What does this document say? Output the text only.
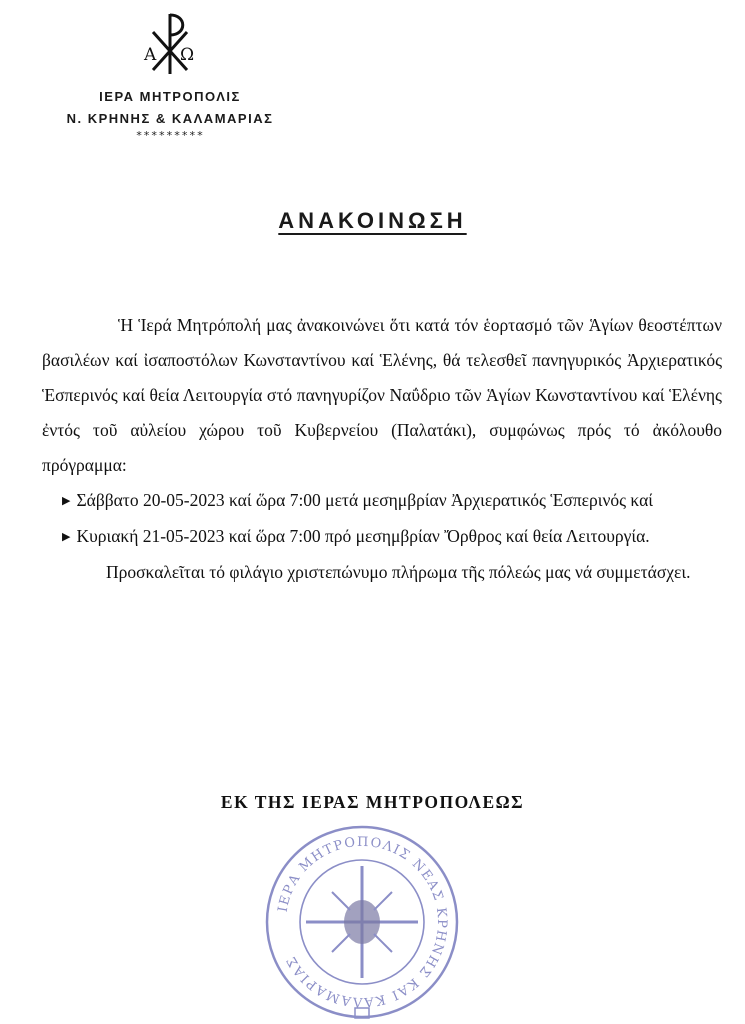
Α Ω
ΙΕΡΑ ΜΗΤΡΟΠΟΛΙΣ
Ν. ΚΡΗΝΗΣ & ΚΑΛΑΜΑΡΙΑΣ
*********
ΑΝΑΚΟΙΝΩΣΗ

Ἡ Ἱερά Μητρόπολή μας ἀνακοινώνει ὅτι κατά τόν ἑορτασμό τῶν Ἁγίων θεοστέπτων βασιλέων καί ἰσαποστόλων Κωνσταντίνου καί Ἑλένης, θά τελεσθεῖ πανηγυρικός Ἀρχιερατικός Ἑσπερινός καί θεία Λειτουργία στό πανηγυρίζον Ναΰδριο τῶν Ἁγίων Κωνσταντίνου καί Ἑλένης ἐντός τοῦ αὐλείου χώρου τοῦ Κυβερνείου (Παλατάκι), συμφώνως πρός τό ἀκόλουθο πρόγραμμα:

▶ Σάββατο 20-05-2023 καί ὥρα 7:00 μετά μεσημβρίαν Ἀρχιερατικός Ἑσπερινός καί

▶ Κυριακή 21-05-2023 καί ὥρα 7:00 πρό μεσημβρίαν Ὄρθρος καί θεία Λειτουργία.

Προσκαλεῖται τό φιλάγιο χριστεπώνυμο πλήρωμα τῆς πόλεώς μας νά συμμετάσχει.

ΕΚ ΤΗΣ ΙΕΡΑΣ ΜΗΤΡΟΠΟΛΕΩΣ
ΙΕΡΑ ΜΗΤΡΟΠΟΛΙΣ ΝΕΑΣ ΚΡΗΝΗΣ ΚΑΙ ΚΑΛΑΜΑΡΙΑΣ
